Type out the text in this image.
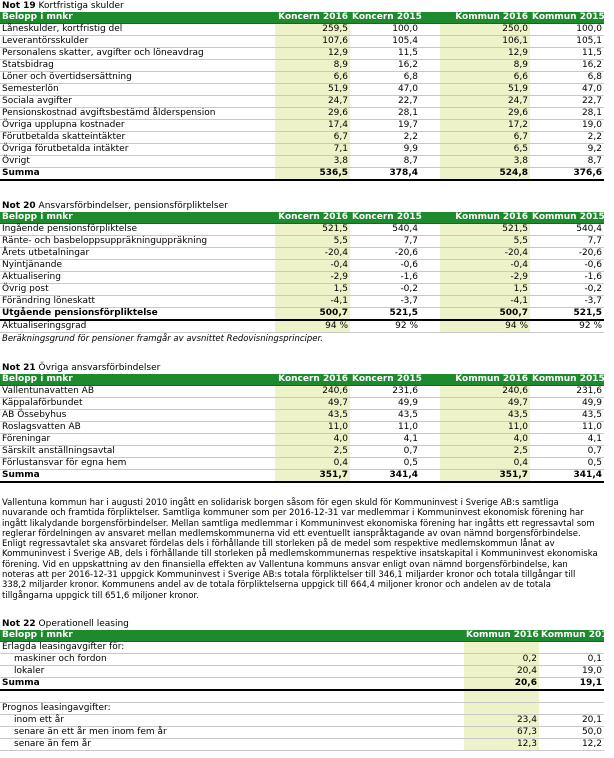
Not 19 Kortfristiga skulder
Belopp i mnkr	Koncern 2016	Koncern 2015		Kommun 2016	Kommun 2015
Låneskulder, kortfristig del	259,5	100,0		250,0	100,0
Leverantörsskulder	107,6	105,4		106,1	105,1
Personalens skatter, avgifter och löneavdrag	12,9	11,5		12,9	11,5
Statsbidrag	8,9	16,2		8,9	16,2
Löner och övertidsersättning	6,6	6,8		6,6	6,8
Semesterlön	51,9	47,0		51,9	47,0
Sociala avgifter	24,7	22,7		24,7	22,7
Pensionskostnad avgiftsbestämd ålderspension	29,6	28,1		29,6	28,1
Övriga upplupna kostnader	17,4	19,7		17,2	19,0
Förutbetalda skatteintäkter	6,7	2,2		6,7	2,2
Övriga förutbetalda intäkter	7,1	9,9		6,5	9,2
Övrigt	3,8	8,7		3,8	8,7
Summa	536,5	378,4		524,8	376,6
Not 20 Ansvarsförbindelser, pensionsförpliktelser
Belopp i mnkr	Koncern 2016	Koncern 2015		Kommun 2016	Kommun 2015
Ingående pensionsförpliktelse	521,5	540,4		521,5	540,4
Ränte- och basbeloppsuppräkninguppräkning	5,5	7,7		5,5	7,7
Årets utbetalningar	-20,4	-20,6		-20,4	-20,6
Nyintjänande	-0,4	-0,6		-0,4	-0,6
Aktualisering	-2,9	-1,6		-2,9	-1,6
Övrig post	1,5	-0,2		1,5	-0,2
Förändring löneskatt	-4,1	-3,7		-4,1	-3,7
Utgående pensionsförpliktelse	500,7	521,5		500,7	521,5
Aktualiseringsgrad	94 %	92 %		94 %	92 %
Beräkningsgrund för pensioner framgår av avsnittet Redovisningsprinciper.
Not 21 Övriga ansvarsförbindelser
Belopp i mnkr	Koncern 2016	Koncern 2015		Kommun 2016	Kommun 2015
Vallentunavatten AB	240,6	231,6		240,6	231,6
Käppalaförbundet	49,7	49,9		49,7	49,9
AB Össebyhus	43,5	43,5		43,5	43,5
Roslagsvatten AB	11,0	11,0		11,0	11,0
Föreningar	4,0	4,1		4,0	4,1
Särskilt anställningsavtal	2,5	0,7		2,5	0,7
Förlustansvar för egna hem	0,4	0,5		0,4	0,5
Summa	351,7	341,4		351,7	341,4
Vallentuna kommun har i augusti 2010 ingått en solidarisk borgen såsom för egen skuld för Kommuninvest i Sverige AB:s samtliga nuvarande och framtida förpliktelser. Samtliga kommuner som per 2016-12-31 var medlemmar i Kommuninvest ekonomisk förening har ingått likalydande borgensförbindelser. Mellan samtliga medlemmar i Kommuninvest ekonomiska förening har ingåtts ett regressavtal som reglerar fördelningen av ansvaret mellan medlemskommunerna vid ett eventuellt ianspråktagande av ovan nämnd borgensförbindelse. Enligt regressavtalet ska ansvaret fördelas dels i förhållande till storleken på de medel som respektive medlemskommun lånat av Kommuninvest i Sverige AB, dels i förhållande till storleken på medlemskommunernas respektive insatskapital i Kommuninvest ekonomiska förening. Vid en uppskattning av den finansiella effekten av Vallentuna kommuns ansvar enligt ovan nämnd borgensförbindelse, kan noteras att per 2016-12-31 uppgick Kommuninvest i Sverige AB:s totala förpliktelser till 346,1 miljarder kronor och totala tillgångar till 338,2 miljarder kronor. Kommunens andel av de totala förpliktelserna uppgick till 664,4 miljoner kronor och andelen av de totala tillgångarna uppgick till 651,6 miljoner kronor.
Not 22 Operationell leasing
Belopp i mnkr	Kommun 2016	Kommun 2015
Erlagda leasingavgifter för:		
maskiner och fordon	0,2	0,1
lokaler	20,4	19,0
Summa	20,6	19,1

Prognos leasingavgifter:		
inom ett år	23,4	20,1
senare än ett år men inom fem år	67,3	50,0
senare än fem år	12,3	12,2
